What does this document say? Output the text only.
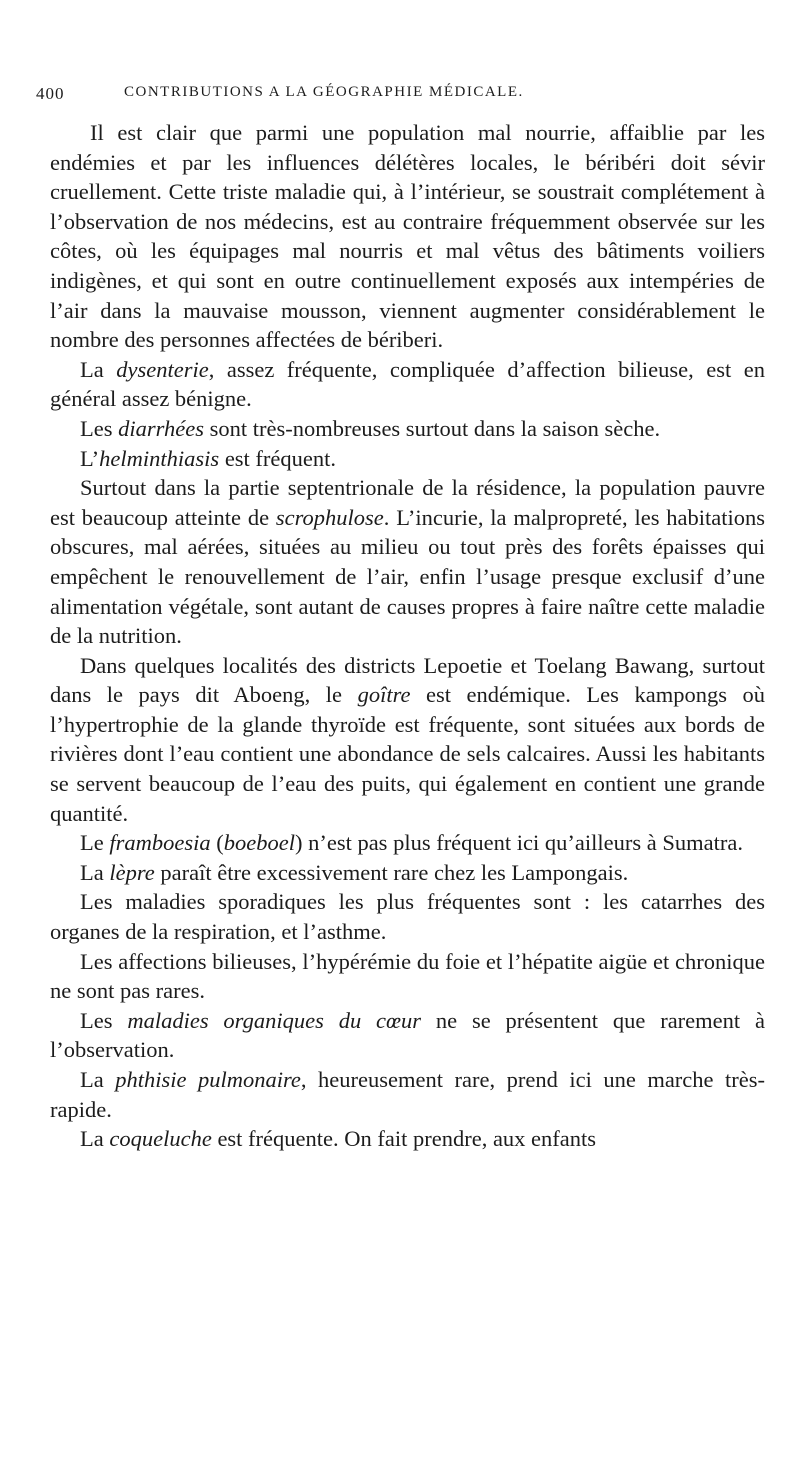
400	CONTRIBUTIONS A LA GÉOGRAPHIE MÉDICALE.

Il est clair que parmi une population mal nourrie, affaiblie par les endémies et par les influences délétères locales, le béribéri doit sévir cruellement. Cette triste maladie qui, à l’intérieur, se soustrait complétement à l’observation de nos médecins, est au contraire fréquemment observée sur les côtes, où les équipages mal nourris et mal vêtus des bâtiments voiliers indigènes, et qui sont en outre continuellement exposés aux intempéries de l’air dans la mauvaise mousson, viennent augmenter considérablement le nombre des personnes affectées de bériberi.

La dysenterie, assez fréquente, compliquée d’affection bilieuse, est en général assez bénigne.

Les diarrhées sont très-nombreuses surtout dans la saison sèche.

L’helminthiasis est fréquent.

Surtout dans la partie septentrionale de la résidence, la population pauvre est beaucoup atteinte de scrophulose. L’incurie, la malpropreté, les habitations obscures, mal aérées, situées au milieu ou tout près des forêts épaisses qui empêchent le renouvellement de l’air, enfin l’usage presque exclusif d’une alimentation végétale, sont autant de causes propres à faire naître cette maladie de la nutrition.

Dans quelques localités des districts Lepoetie et Toelang Bawang, surtout dans le pays dit Aboeng, le goître est endémique. Les kampongs où l’hypertrophie de la glande thyroïde est fréquente, sont situées aux bords de rivières dont l’eau contient une abondance de sels calcaires. Aussi les habitants se servent beaucoup de l’eau des puits, qui également en contient une grande quantité.

Le framboesia (boeboel) n’est pas plus fréquent ici qu’ailleurs à Sumatra.

La lèpre paraît être excessivement rare chez les Lampongais.

Les maladies sporadiques les plus fréquentes sont : les catarrhes des organes de la respiration, et l’asthme.

Les affections bilieuses, l’hypérémie du foie et l’hépatite aigüe et chronique ne sont pas rares.

Les maladies organiques du cœur ne se présentent que rarement à l’observation.

La phthisie pulmonaire, heureusement rare, prend ici une marche très-rapide.

La coqueluche est fréquente. On fait prendre, aux enfants
